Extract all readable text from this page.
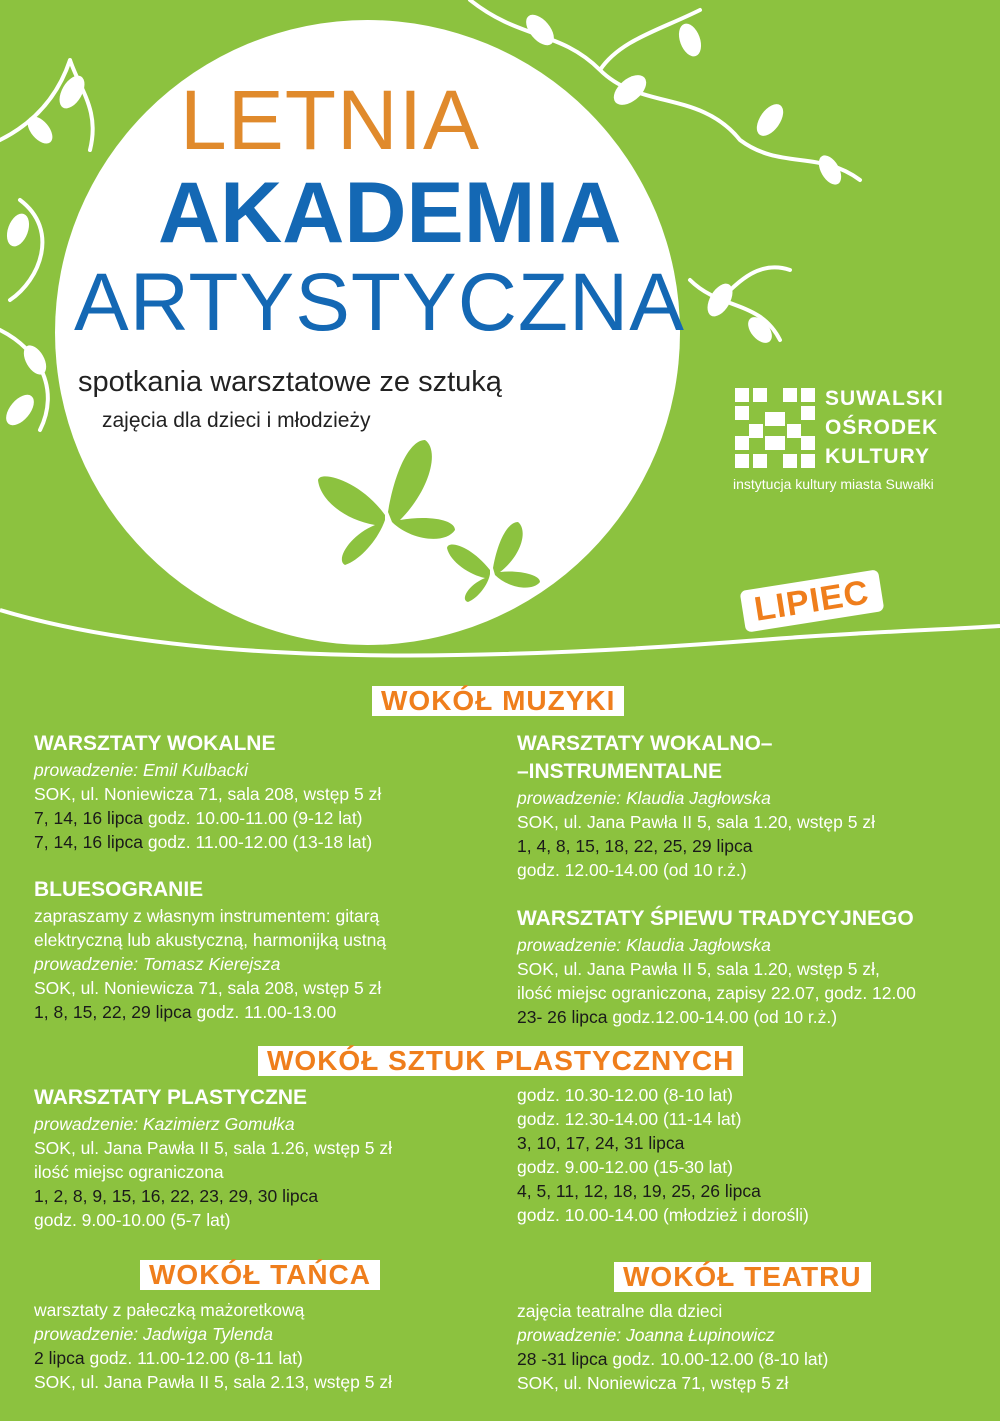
LETNIA
AKADEMIA
ARTYSTYCZNA
spotkania warsztatowe ze sztuką
zajęcia dla dzieci i młodzieży
SUWALSKI
OŚRODEK
KULTURY
instytucja kultury miasta Suwałki
LIPIEC
WOKÓŁ MUZYKI
WOKÓŁ SZTUK PLASTYCZNYCH
WOKÓŁ TAŃCA	WOKÓŁ TEATRU
WARSZTATY WOKALNE
prowadzenie: Emil Kulbacki
SOK, ul. Noniewicza 71, sala 208, wstęp 5 zł
7, 14, 16 lipca godz. 10.00-11.00 (9-12 lat)
7, 14, 16 lipca godz. 11.00-12.00 (13-18 lat)
BLUESOGRANIE
zapraszamy z własnym instrumentem: gitarą
elektryczną lub akustyczną, harmonijką ustną
prowadzenie: Tomasz Kierejsza
SOK, ul. Noniewicza 71, sala 208, wstęp 5 zł
1, 8, 15, 22, 29 lipca godz. 11.00-13.00
WARSZTATY WOKALNO–
–INSTRUMENTALNE
prowadzenie: Klaudia Jagłowska
SOK, ul. Jana Pawła II 5, sala 1.20, wstęp 5 zł
1, 4, 8, 15, 18, 22, 25, 29 lipca
godz. 12.00-14.00 (od 10 r.ż.)
WARSZTATY ŚPIEWU TRADYCYJNEGO
prowadzenie: Klaudia Jagłowska
SOK, ul. Jana Pawła II 5, sala 1.20, wstęp 5 zł,
ilość miejsc ograniczona, zapisy 22.07, godz. 12.00
23- 26 lipca godz.12.00-14.00 (od 10 r.ż.)
WARSZTATY PLASTYCZNE
prowadzenie: Kazimierz Gomułka
SOK, ul. Jana Pawła II 5, sala 1.26, wstęp 5 zł
ilość miejsc ograniczona
1, 2, 8, 9, 15, 16, 22, 23, 29, 30 lipca
godz. 9.00-10.00 (5-7 lat)
godz. 10.30-12.00 (8-10 lat)
godz. 12.30-14.00 (11-14 lat)
3, 10, 17, 24, 31 lipca
godz. 9.00-12.00 (15-30 lat)
4, 5, 11, 12, 18, 19, 25, 26 lipca
godz. 10.00-14.00 (młodzież i dorośli)
warsztaty z pałeczką mażoretkową
prowadzenie: Jadwiga Tylenda
2 lipca godz. 11.00-12.00 (8-11 lat)
SOK, ul. Jana Pawła II 5, sala 2.13, wstęp 5 zł
zajęcia teatralne dla dzieci
prowadzenie: Joanna Łupinowicz
28 -31 lipca godz. 10.00-12.00 (8-10 lat)
SOK, ul. Noniewicza 71, wstęp 5 zł
